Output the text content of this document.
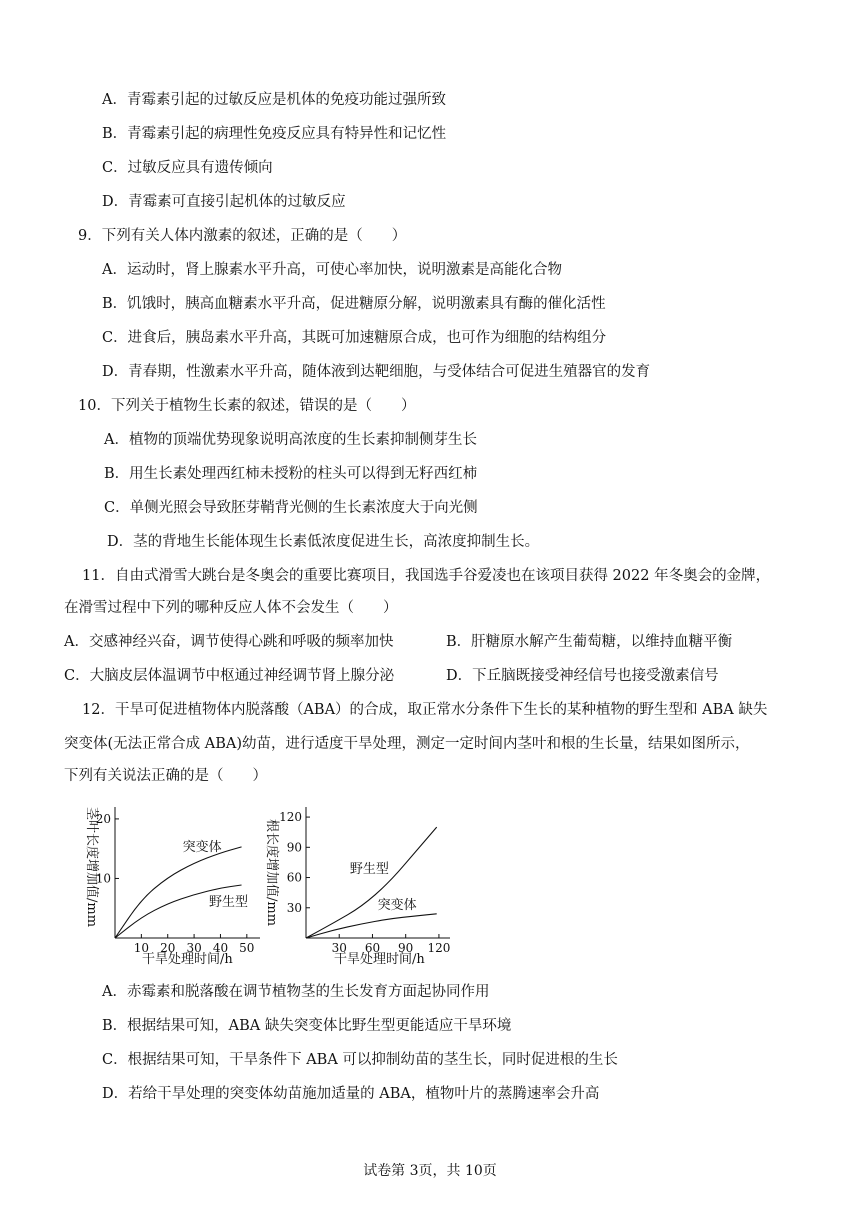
A．青霉素引起的过敏反应是机体的免疫功能过强所致
B．青霉素引起的病理性免疫反应具有特异性和记忆性
C．过敏反应具有遗传倾向
D．青霉素可直接引起机体的过敏反应
9．下列有关人体内激素的叙述，正确的是（　　）
A．运动时，肾上腺素水平升高，可使心率加快，说明激素是高能化合物
B．饥饿时，胰高血糖素水平升高，促进糖原分解，说明激素具有酶的催化活性
C．进食后，胰岛素水平升高，其既可加速糖原合成，也可作为细胞的结构组分
D．青春期，性激素水平升高，随体液到达靶细胞，与受体结合可促进生殖器官的发育
10．下列关于植物生长素的叙述，错误的是（　　）
A．植物的顶端优势现象说明高浓度的生长素抑制侧芽生长
B．用生长素处理西红柿未授粉的柱头可以得到无籽西红柿
C．单侧光照会导致胚芽鞘背光侧的生长素浓度大于向光侧
D．茎的背地生长能体现生长素低浓度促进生长，高浓度抑制生长。
11．自由式滑雪大跳台是冬奥会的重要比赛项目，我国选手谷爱凌也在该项目获得 2022 年冬奥会的金牌，
在滑雪过程中下列的哪种反应人体不会发生（　　）
A．交感神经兴奋，调节使得心跳和呼吸的频率加快	B．肝糖原水解产生葡萄糖，以维持血糖平衡
C．大脑皮层体温调节中枢通过神经调节肾上腺分泌	D．下丘脑既接受神经信号也接受激素信号
12．干旱可促进植物体内脱落酸（ABA）的合成，取正常水分条件下生长的某种植物的野生型和 ABA 缺失
突变体(无法正常合成 ABA)幼苗，进行适度干旱处理，测定一定时间内茎叶和根的生长量，结果如图所示，
下列有关说法正确的是（　　）
茎叶长度增加值/mm
10 20 30 40 50
10
20
突变体
野生型
干旱处理时间/h
根长度增加值/mm
30 60 90 120
30
60
90
120
野生型
突变体
干旱处理时间/h
A．赤霉素和脱落酸在调节植物茎的生长发育方面起协同作用
B．根据结果可知，ABA 缺失突变体比野生型更能适应干旱环境
C．根据结果可知，干旱条件下 ABA 可以抑制幼苗的茎生长，同时促进根的生长
D．若给干旱处理的突变体幼苗施加适量的 ABA，植物叶片的蒸腾速率会升高
试卷第 3页，共 10页
